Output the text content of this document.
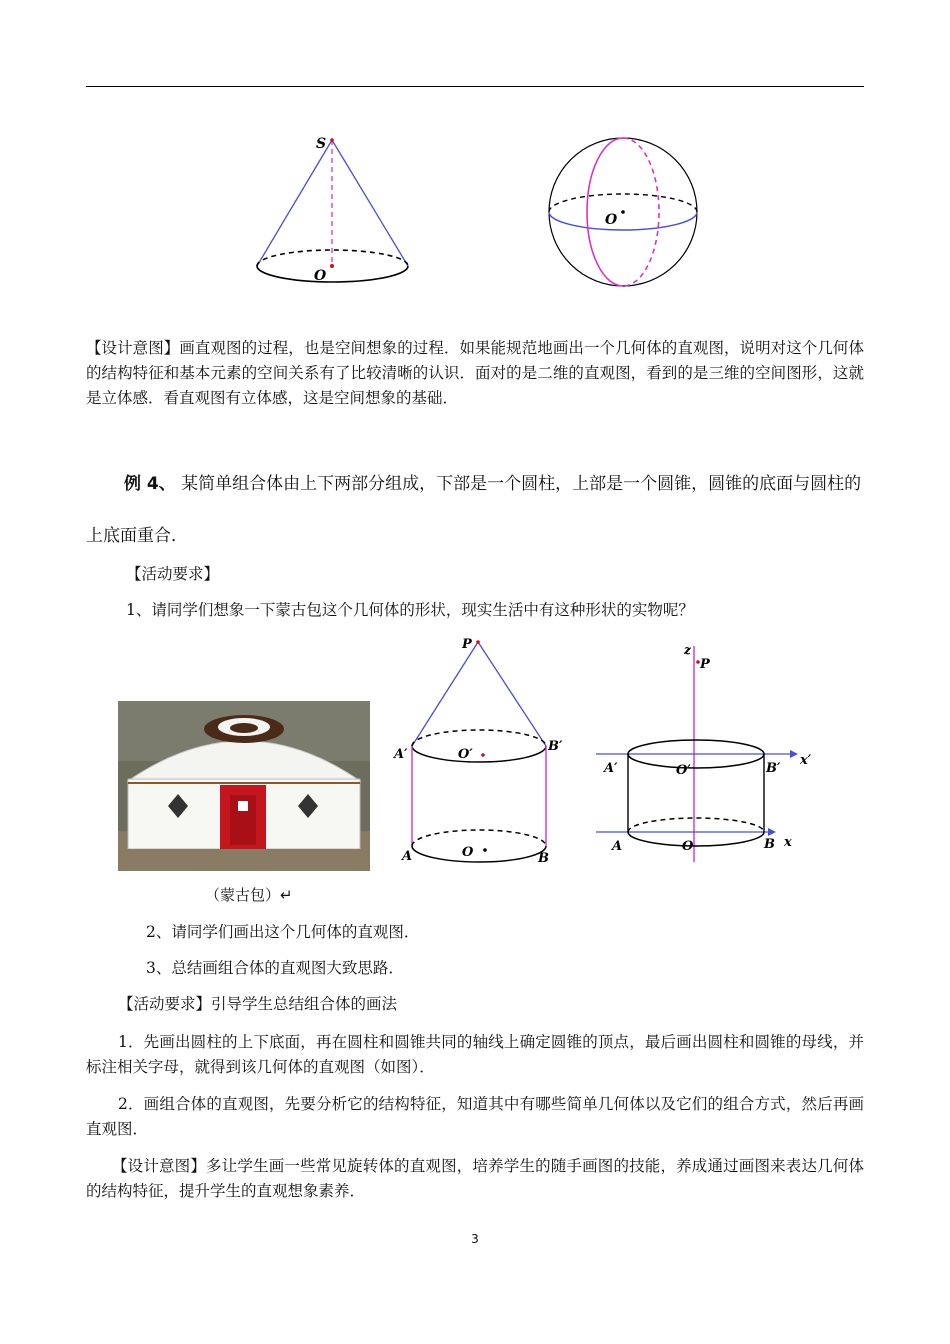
S
O
O
【设计意图】画直观图的过程，也是空间想象的过程．如果能规范地画出一个几何体的直观图，说明对这个几何体的结构特征和基本元素的空间关系有了比较清晰的认识．面对的是二维的直观图，看到的是三维的空间图形，这就是立体感．看直观图有立体感，这是空间想象的基础．
例 4、 某简单组合体由上下两部分组成，下部是一个圆柱，上部是一个圆锥，圆锥的底面与圆柱的上底面重合．
【活动要求】
1、请同学们想象一下蒙古包这个几何体的形状，现实生活中有这种形状的实物呢？
（蒙古包）↵
P
O′
O
A′
B′
A	B
z
P
O′
O
A′	B′
A	B
x′
x
2、请同学们画出这个几何体的直观图．
3、总结画组合体的直观图大致思路．
【活动要求】引导学生总结组合体的画法
1．先画出圆柱的上下底面，再在圆柱和圆锥共同的轴线上确定圆锥的顶点，最后画出圆柱和圆锥的母线，并标注相关字母，就得到该几何体的直观图（如图）．
2．画组合体的直观图，先要分析它的结构特征，知道其中有哪些简单几何体以及它们的组合方式，然后再画直观图．
【设计意图】多让学生画一些常见旋转体的直观图，培养学生的随手画图的技能，养成通过画图来表达几何体的结构特征，提升学生的直观想象素养．
3
